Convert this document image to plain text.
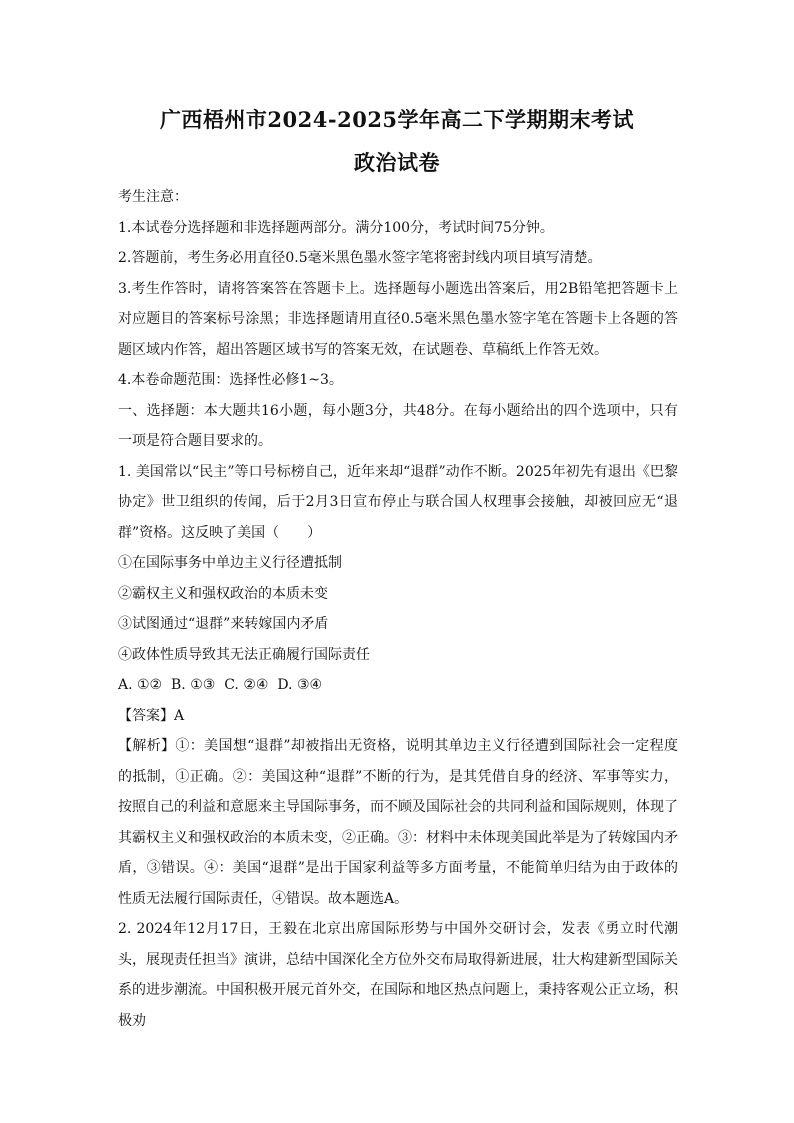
广西梧州市2024-2025学年高二下学期期末考试
政治试卷

考生注意：

1.本试卷分选择题和非选择题两部分。满分100分，考试时间75分钟。

2.答题前，考生务必用直径0.5毫米黑色墨水签字笔将密封线内项目填写清楚。

3.考生作答时，请将答案答在答题卡上。选择题每小题选出答案后，用2B铅笔把答题卡上对应题目的答案标号涂黑；非选择题请用直径0.5毫米黑色墨水签字笔在答题卡上各题的答题区域内作答，超出答题区域书写的答案无效，在试题卷、草稿纸上作答无效。

4.本卷命题范围：选择性必修1~3。

一、选择题：本大题共16小题，每小题3分，共48分。在每小题给出的四个选项中，只有一项是符合题目要求的。

1. 美国常以“民主”等口号标榜自己，近年来却“退群”动作不断。2025年初先有退出《巴黎协定》世卫组织的传闻，后于2月3日宣布停止与联合国人权理事会接触，却被回应无“退群”资格。这反映了美国（　　）

①在国际事务中单边主义行径遭抵制

②霸权主义和强权政治的本质未变

③试图通过“退群”来转嫁国内矛盾

④政体性质导致其无法正确履行国际责任

A. ①②  B. ①③  C. ②④  D. ③④

【答案】A

【解析】①：美国想“退群”却被指出无资格，说明其单边主义行径遭到国际社会一定程度的抵制，①正确。②：美国这种“退群”不断的行为，是其凭借自身的经济、军事等实力，按照自己的利益和意愿来主导国际事务，而不顾及国际社会的共同利益和国际规则，体现了其霸权主义和强权政治的本质未变，②正确。③：材料中未体现美国此举是为了转嫁国内矛盾，③错误。④：美国“退群”是出于国家利益等多方面考量，不能简单归结为由于政体的性质无法履行国际责任，④错误。故本题选A。

2. 2024年12月17日，王毅在北京出席国际形势与中国外交研讨会，发表《勇立时代潮头，展现责任担当》演讲，总结中国深化全方位外交布局取得新进展，壮大构建新型国际关系的进步潮流。中国积极开展元首外交，在国际和地区热点问题上，秉持客观公正立场，积极劝
